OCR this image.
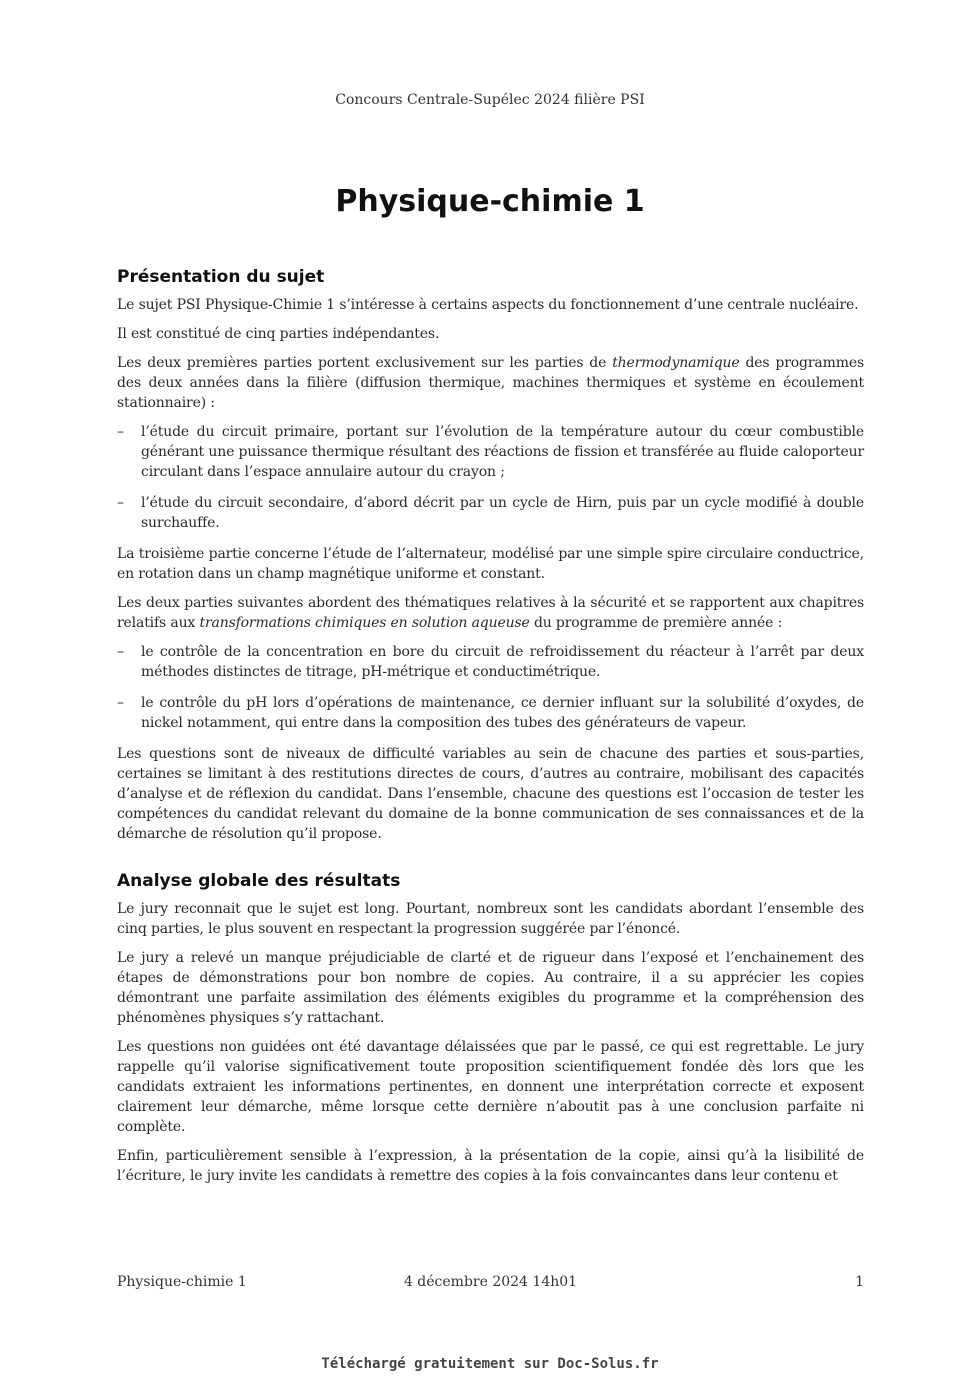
Concours Centrale-Supélec 2024 filière PSI
Physique-chimie 1
Présentation du sujet

Le sujet PSI Physique-Chimie 1 s’intéresse à certains aspects du fonctionnement d’une centrale nucléaire.

Il est constitué de cinq parties indépendantes.

Les deux premières parties portent exclusivement sur les parties de thermodynamique des programmes des deux années dans la filière (diffusion thermique, machines thermiques et système en écoulement stationnaire) :

– l’étude du circuit primaire, portant sur l’évolution de la température autour du cœur combustible générant une puissance thermique résultant des réactions de fission et transférée au fluide caloporteur circulant dans l’espace annulaire autour du crayon ;
– l’étude du circuit secondaire, d’abord décrit par un cycle de Hirn, puis par un cycle modifié à double surchauffe.

La troisième partie concerne l’étude de l’alternateur, modélisé par une simple spire circulaire conductrice, en rotation dans un champ magnétique uniforme et constant.

Les deux parties suivantes abordent des thématiques relatives à la sécurité et se rapportent aux chapitres relatifs aux transformations chimiques en solution aqueuse du programme de première année :

– le contrôle de la concentration en bore du circuit de refroidissement du réacteur à l’arrêt par deux méthodes distinctes de titrage, pH-métrique et conductimétrique.
– le contrôle du pH lors d’opérations de maintenance, ce dernier influant sur la solubilité d’oxydes, de nickel notamment, qui entre dans la composition des tubes des générateurs de vapeur.

Les questions sont de niveaux de difficulté variables au sein de chacune des parties et sous-parties, certaines se limitant à des restitutions directes de cours, d’autres au contraire, mobilisant des capacités d’analyse et de réflexion du candidat. Dans l’ensemble, chacune des questions est l’occasion de tester les compétences du candidat relevant du domaine de la bonne communication de ses connaissances et de la démarche de résolution qu’il propose.

Analyse globale des résultats

Le jury reconnait que le sujet est long. Pourtant, nombreux sont les candidats abordant l’ensemble des cinq parties, le plus souvent en respectant la progression suggérée par l’énoncé.

Le jury a relevé un manque préjudiciable de clarté et de rigueur dans l’exposé et l’enchainement des étapes de démonstrations pour bon nombre de copies. Au contraire, il a su apprécier les copies démontrant une parfaite assimilation des éléments exigibles du programme et la compréhension des phénomènes physiques s’y rattachant.

Les questions non guidées ont été davantage délaissées que par le passé, ce qui est regrettable. Le jury rappelle qu’il valorise significativement toute proposition scientifiquement fondée dès lors que les candidats extraient les informations pertinentes, en donnent une interprétation correcte et exposent clairement leur démarche, même lorsque cette dernière n’aboutit pas à une conclusion parfaite ni complète.

Enfin, particulièrement sensible à l’expression, à la présentation de la copie, ainsi qu’à la lisibilité de l’écriture, le jury invite les candidats à remettre des copies à la fois convaincantes dans leur contenu et

Physique-chimie 1	4 décembre 2024 14h01	1
Téléchargé gratuitement sur Doc-Solus.fr
